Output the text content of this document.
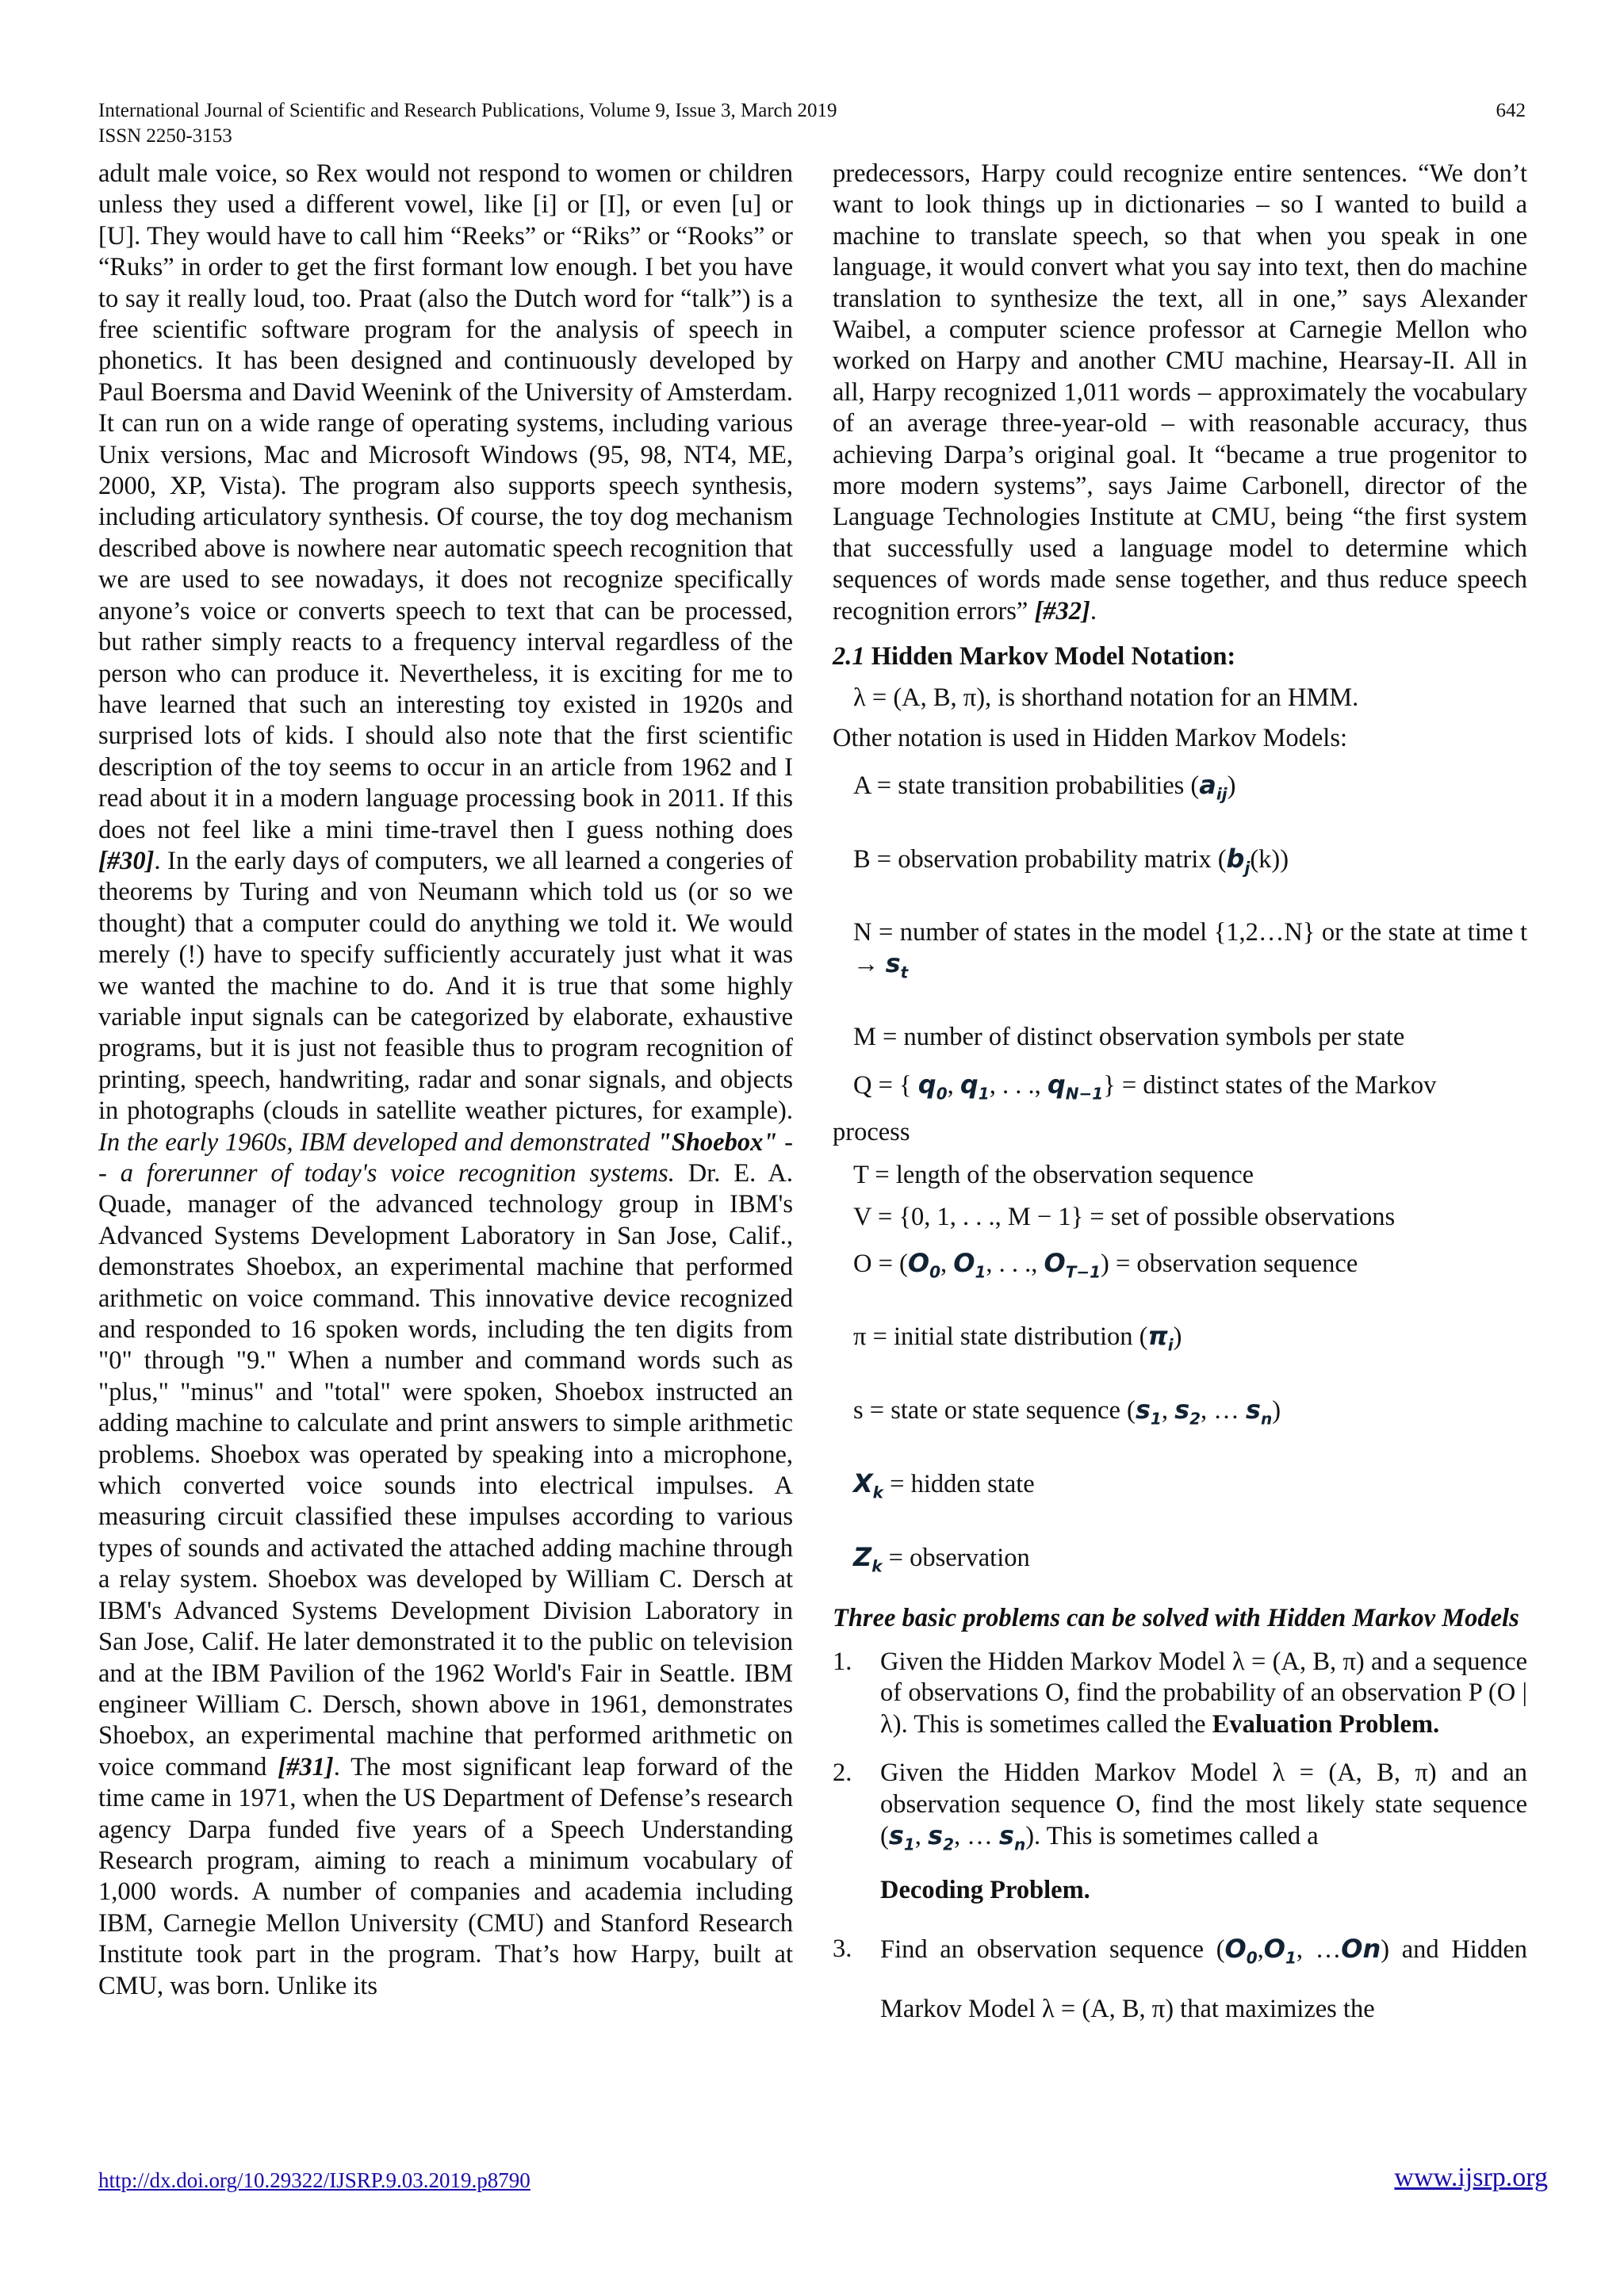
International Journal of Scientific and Research Publications, Volume 9, Issue 3, March 2019
ISSN 2250-3153
642

adult male voice, so Rex would not respond to women or children unless they used a different vowel, like [i] or [I], or even [u] or [U]. They would have to call him “Reeks” or “Riks” or “Rooks” or “Ruks” in order to get the first formant low enough. I bet you have to say it really loud, too. Praat (also the Dutch word for “talk”) is a free scientific software program for the analysis of speech in phonetics. It has been designed and continuously developed by Paul Boersma and David Weenink of the University of Amsterdam. It can run on a wide range of operating systems, including various Unix versions, Mac and Microsoft Windows (95, 98, NT4, ME, 2000, XP, Vista). The program also supports speech synthesis, including articulatory synthesis. Of course, the toy dog mechanism described above is nowhere near automatic speech recognition that we are used to see nowadays, it does not recognize specifically anyone’s voice or converts speech to text that can be processed, but rather simply reacts to a frequency interval regardless of the person who can produce it. Nevertheless, it is exciting for me to have learned that such an interesting toy existed in 1920s and surprised lots of kids. I should also note that the first scientific description of the toy seems to occur in an article from 1962 and I read about it in a modern language processing book in 2011. If this does not feel like a mini time-travel then I guess nothing does [#30]. In the early days of computers, we all learned a congeries of theorems by Turing and von Neumann which told us (or so we thought) that a computer could do anything we told it. We would merely (!) have to specify sufficiently accurately just what it was we wanted the machine to do. And it is true that some highly variable input signals can be categorized by elaborate, exhaustive programs, but it is just not feasible thus to program recognition of printing, speech, handwriting, radar and sonar signals, and objects in photographs (clouds in satellite weather pictures, for example). In the early 1960s, IBM developed and demonstrated "Shoebox" -- a forerunner of today's voice recognition systems. Dr. E. A. Quade, manager of the advanced technology group in IBM's Advanced Systems Development Laboratory in San Jose, Calif., demonstrates Shoebox, an experimental machine that performed arithmetic on voice command. This innovative device recognized and responded to 16 spoken words, including the ten digits from "0" through "9." When a number and command words such as "plus," "minus" and "total" were spoken, Shoebox instructed an adding machine to calculate and print answers to simple arithmetic problems. Shoebox was operated by speaking into a microphone, which converted voice sounds into electrical impulses. A measuring circuit classified these impulses according to various types of sounds and activated the attached adding machine through a relay system. Shoebox was developed by William C. Dersch at IBM's Advanced Systems Development Division Laboratory in San Jose, Calif. He later demonstrated it to the public on television and at the IBM Pavilion of the 1962 World's Fair in Seattle. IBM engineer William C. Dersch, shown above in 1961, demonstrates Shoebox, an experimental machine that performed arithmetic on voice command [#31]. The most significant leap forward of the time came in 1971, when the US Department of Defense’s research agency Darpa funded five years of a Speech Understanding Research program, aiming to reach a minimum vocabulary of 1,000 words. A number of companies and academia including IBM, Carnegie Mellon University (CMU) and Stanford Research Institute took part in the program. That’s how Harpy, built at CMU, was born. Unlike its

predecessors, Harpy could recognize entire sentences. “We don’t want to look things up in dictionaries – so I wanted to build a machine to translate speech, so that when you speak in one language, it would convert what you say into text, then do machine translation to synthesize the text, all in one,” says Alexander Waibel, a computer science professor at Carnegie Mellon who worked on Harpy and another CMU machine, Hearsay-II. All in all, Harpy recognized 1,011 words – approximately the vocabulary of an average three-year-old – with reasonable accuracy, thus achieving Darpa’s original goal. It “became a true progenitor to more modern systems”, says Jaime Carbonell, director of the Language Technologies Institute at CMU, being “the first system that successfully used a language model to determine which sequences of words made sense together, and thus reduce speech recognition errors” [#32].

2.1 Hidden Markov Model Notation:

λ = (A, B, π), is shorthand notation for an HMM.

Other notation is used in Hidden Markov Models:

A = state transition probabilities $(a_{ij})$

B = observation probability matrix $(b_j(k))$

N = number of states in the model {1,2…N} or the state at time $t \to s_t$

M = number of distinct observation symbols per state

Q = { $q_0$, $q_1$, . . ., $q_{N-1}$} = distinct states of the Markov

process

T = length of the observation sequence

V = {0, 1, . . ., M − 1} = set of possible observations

$O = (O_0$, $O_1$, . . ., $O_{T-1}$) = observation sequence

π = initial state distribution $(\pi_i)$

s = state or state sequence ($s_1$, $s_2$, … $s_n$)

$X_k$ = hidden state

$Z_k$ = observation

Three basic problems can be solved with Hidden Markov Models

1. Given the Hidden Markov Model λ = (A, B, π) and a sequence of observations O, find the probability of an observation P (O | λ). This is sometimes called the Evaluation Problem.
2. Given the Hidden Markov Model λ = (A, B, π) and an observation sequence O, find the most likely state sequence ($s_1$, $s_2$, … $s_n$). This is sometimes called a
Decoding Problem.
3. Find an observation sequence ($O_0,O_1$, …On) and Hidden Markov Model λ = (A, B, π) that maximizes the
http://dx.doi.org/10.29322/IJSRP.9.03.2019.p8790	www.ijsrp.org
